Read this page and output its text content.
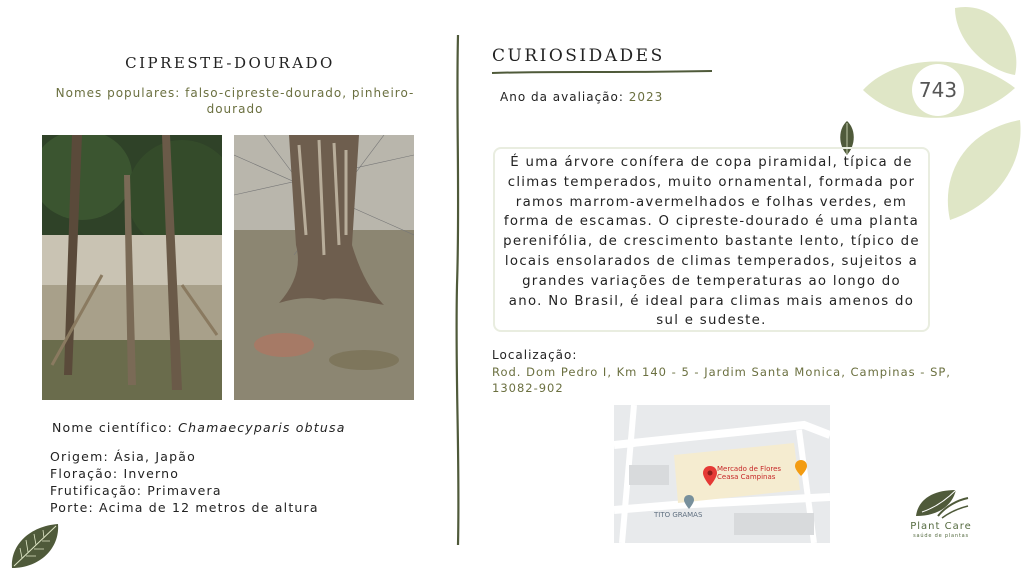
CIPRESTE-DOURADO
Nomes populares: falso-cipreste-dourado, pinheiro-dourado
Nome científico: Chamaecyparis obtusa
Origem: Ásia, Japão
Floração: Inverno
Frutificação: Primavera
Porte: Acima de 12 metros de altura
CURIOSIDADES
Ano da avaliação: 2023	743
É uma árvore conífera de copa piramidal, típica de climas temperados, muito ornamental, formada por ramos marrom-avermelhados e folhas verdes, em forma de escamas. O cipreste-dourado é uma planta perenifólia, de crescimento bastante lento, típico de locais ensolarados de climas temperados, sujeitos a grandes variações de temperaturas ao longo do ano. No Brasil, é ideal para climas mais amenos do sul e sudeste.
Localização:
Rod. Dom Pedro I, Km 140 - 5 - Jardim Santa Monica, Campinas - SP, 13082-902
Mercado de Flores
Ceasa Campinas
TITO GRAMAS
Plant Care
saúde de plantas
